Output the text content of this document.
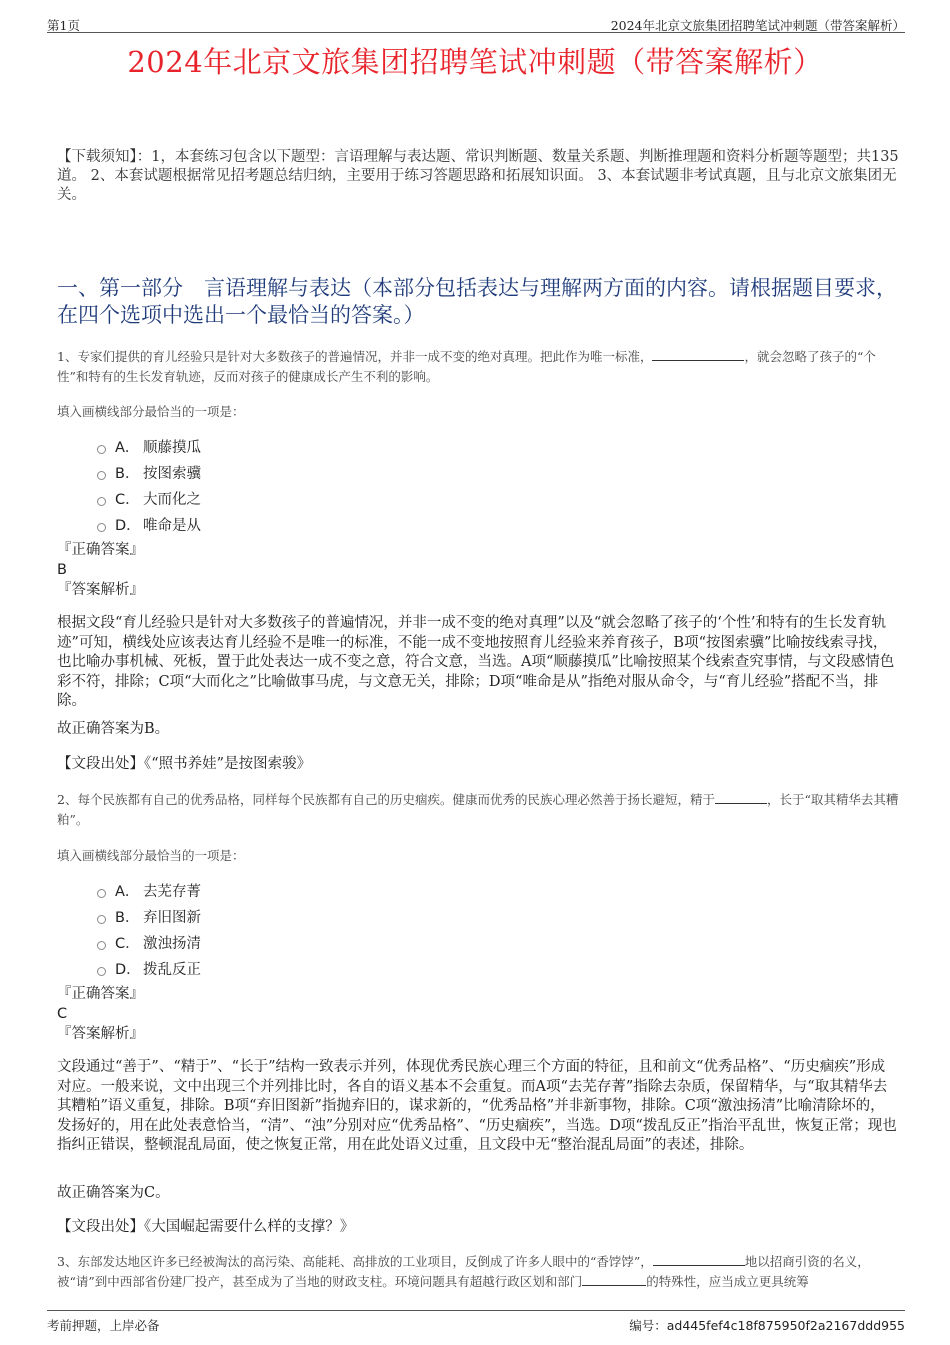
第1页	2024年北京文旅集团招聘笔试冲刺题（带答案解析）
2024年北京文旅集团招聘笔试冲刺题（带答案解析）
【下载须知】：1，本套练习包含以下题型：言语理解与表达题、常识判断题、数量关系题、判断推理题和资料分析题等题型；共135道。 2、本套试题根据常见招考题总结归纳，主要用于练习答题思路和拓展知识面。 3、本套试题非考试真题，且与北京文旅集团无关。
一、第一部分　言语理解与表达（本部分包括表达与理解两方面的内容。请根据题目要求，在四个选项中选出一个最恰当的答案。）
1、专家们提供的育儿经验只是针对大多数孩子的普遍情况，并非一成不变的绝对真理。把此作为唯一标准，	，就会忽略了孩子的“个性”和特有的生长发育轨迹，反而对孩子的健康成长产生不利的影响。
填入画横线部分最恰当的一项是：
A． 顺藤摸瓜
B． 按图索骥
C． 大而化之
D． 唯命是从
『正确答案』
B
『答案解析』
根据文段“育儿经验只是针对大多数孩子的普遍情况，并非一成不变的绝对真理”以及“就会忽略了孩子的‘个性’和特有的生长发育轨迹”可知，横线处应该表达育儿经验不是唯一的标准，不能一成不变地按照育儿经验来养育孩子，B项“按图索骥”比喻按线索寻找，也比喻办事机械、死板，置于此处表达一成不变之意，符合文意，当选。A项“顺藤摸瓜”比喻按照某个线索查究事情，与文段感情色彩不符，排除；C项“大而化之”比喻做事马虎，与文意无关，排除；D项“唯命是从”指绝对服从命令，与“育儿经验”搭配不当，排除。
故正确答案为B。
【文段出处】《“照书养娃”是按图索骏》
2、每个民族都有自己的优秀品格，同样每个民族都有自己的历史痼疾。健康而优秀的民族心理必然善于扬长避短，精于	，长于“取其精华去其糟粕”。
填入画横线部分最恰当的一项是：
A． 去芜存菁
B． 弃旧图新
C． 激浊扬清
D． 拨乱反正
『正确答案』
C
『答案解析』
文段通过“善于”、“精于”、“长于”结构一致表示并列，体现优秀民族心理三个方面的特征，且和前文“优秀品格”、“历史痼疾”形成对应。一般来说，文中出现三个并列排比时，各自的语义基本不会重复。而A项“去芜存菁”指除去杂质，保留精华，与“取其精华去其糟粕”语义重复，排除。B项“弃旧图新”指抛弃旧的，谋求新的，“优秀品格”并非新事物，排除。C项“激浊扬清”比喻清除坏的，发扬好的，用在此处表意恰当，“清”、“浊”分别对应“优秀品格”、“历史痼疾”，当选。D项“拨乱反正”指治平乱世，恢复正常；现也指纠正错误，整顿混乱局面，使之恢复正常，用在此处语义过重，且文段中无“整治混乱局面”的表述，排除。
故正确答案为C。
【文段出处】《大国崛起需要什么样的支撑？》
3、东部发达地区许多已经被淘汰的高污染、高能耗、高排放的工业项目，反倒成了许多人眼中的“香饽饽”，	地以招商引资的名义，被“请”到中西部省份建厂投产，甚至成为了当地的财政支柱。环境问题具有超越行政区划和部门	的特殊性，应当成立更具统筹
考前押题，上岸必备	编号：ad445fef4c18f875950f2a2167ddd955
